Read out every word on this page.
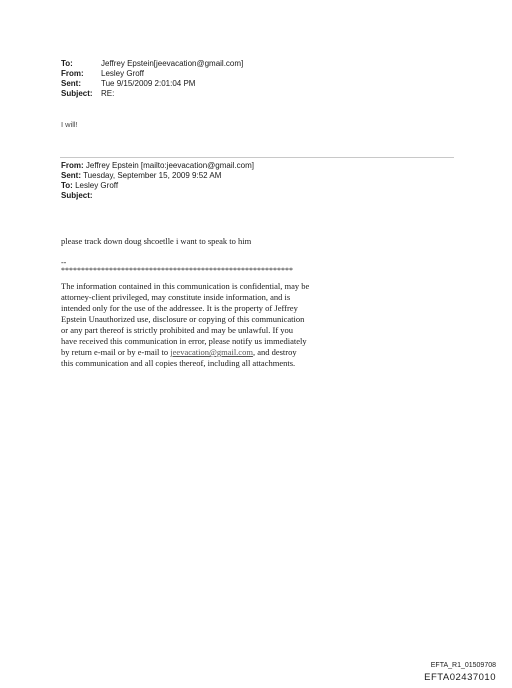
To:	Jeffrey Epstein[jeevacation@gmail.com]
From:	Lesley Groff
Sent:	Tue 9/15/2009 2:01:04 PM
Subject:	RE:
I will!
From: Jeffrey Epstein [mailto:jeevacation@gmail.com]
Sent: Tuesday, September 15, 2009 9:52 AM
To: Lesley Groff
Subject:
please track down doug shcoetlle i want to speak to him
--
**********************************************************
The information contained in this communication is confidential, may be attorney-client privileged, may constitute inside information, and is intended only for the use of the addressee. It is the property of Jeffrey Epstein Unauthorized use, disclosure or copying of this communication or any part thereof is strictly prohibited and may be unlawful. If you have received this communication in error, please notify us immediately by return e-mail or by e-mail to jeevacation@gmail.com, and destroy this communication and all copies thereof, including all attachments.
EFTA_R1_01509708
EFTA02437010
